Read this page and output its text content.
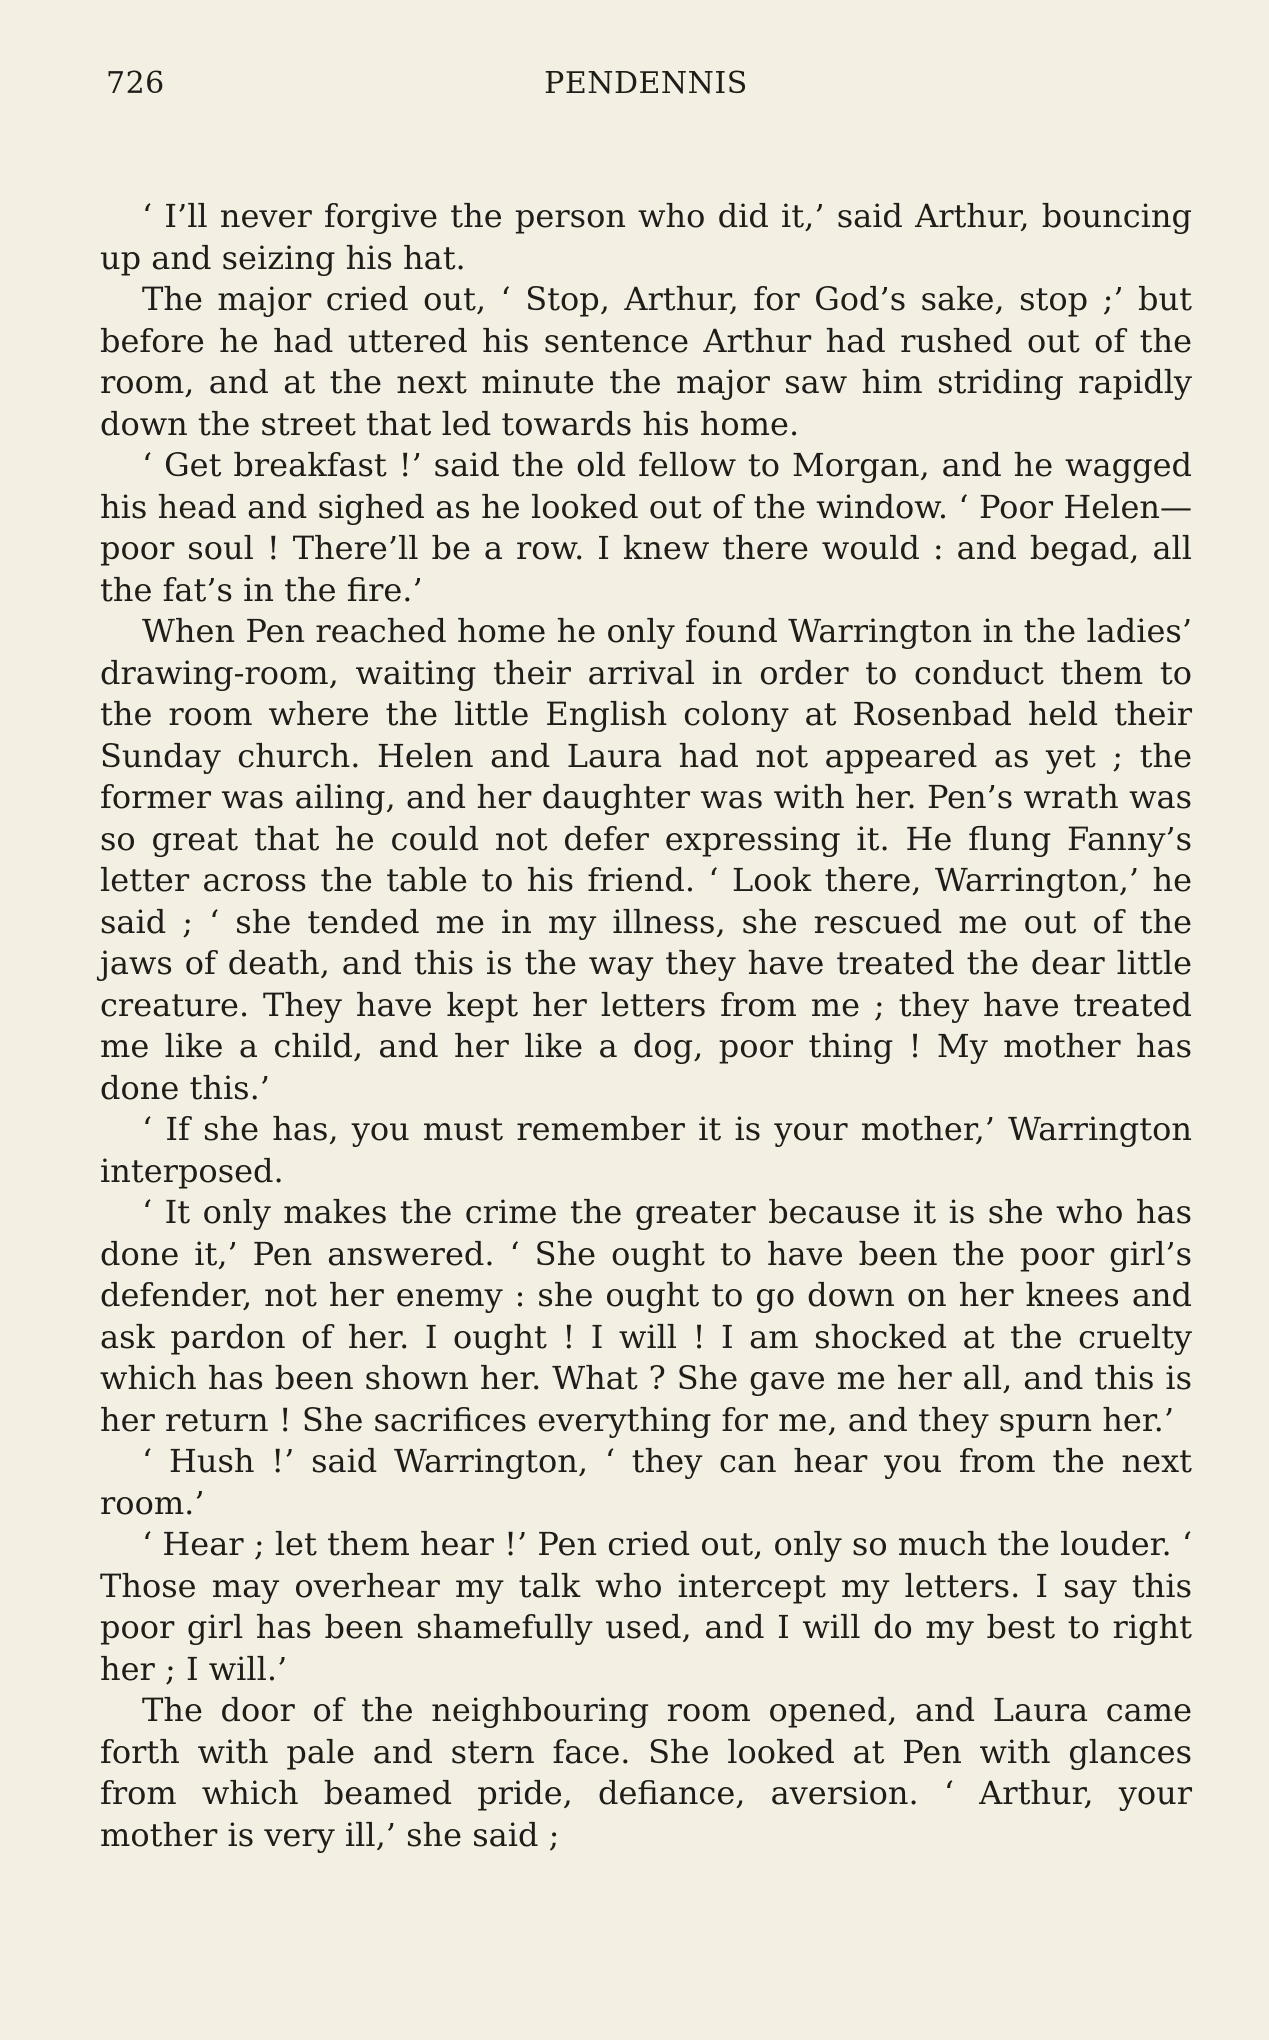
726	PENDENNIS

‘ I’ll never forgive the person who did it,’ said Arthur, bouncing up and seizing his hat.

The major cried out, ‘ Stop, Arthur, for God’s sake, stop ;’ but before he had uttered his sentence Arthur had rushed out of the room, and at the next minute the major saw him striding rapidly down the street that led towards his home.

‘ Get breakfast !’ said the old fellow to Morgan, and he wagged his head and sighed as he looked out of the window. ‘ Poor Helen—poor soul ! There’ll be a row. I knew there would : and begad, all the fat’s in the fire.’

When Pen reached home he only found Warrington in the ladies’ drawing-room, waiting their arrival in order to conduct them to the room where the little English colony at Rosenbad held their Sunday church. Helen and Laura had not appeared as yet ; the former was ailing, and her daughter was with her. Pen’s wrath was so great that he could not defer expressing it. He flung Fanny’s letter across the table to his friend. ‘ Look there, Warrington,’ he said ; ‘ she tended me in my illness, she rescued me out of the jaws of death, and this is the way they have treated the dear little creature. They have kept her letters from me ; they have treated me like a child, and her like a dog, poor thing ! My mother has done this.’

‘ If she has, you must remember it is your mother,’ Warrington interposed.

‘ It only makes the crime the greater because it is she who has done it,’ Pen answered. ‘ She ought to have been the poor girl’s defender, not her enemy : she ought to go down on her knees and ask pardon of her. I ought ! I will ! I am shocked at the cruelty which has been shown her. What ? She gave me her all, and this is her return ! She sacrifices everything for me, and they spurn her.’

‘ Hush !’ said Warrington, ‘ they can hear you from the next room.’

‘ Hear ; let them hear !’ Pen cried out, only so much the louder. ‘ Those may overhear my talk who intercept my letters. I say this poor girl has been shamefully used, and I will do my best to right her ; I will.’

The door of the neighbouring room opened, and Laura came forth with pale and stern face. She looked at Pen with glances from which beamed pride, defiance, aversion. ‘ Arthur, your mother is very ill,’ she said ;
